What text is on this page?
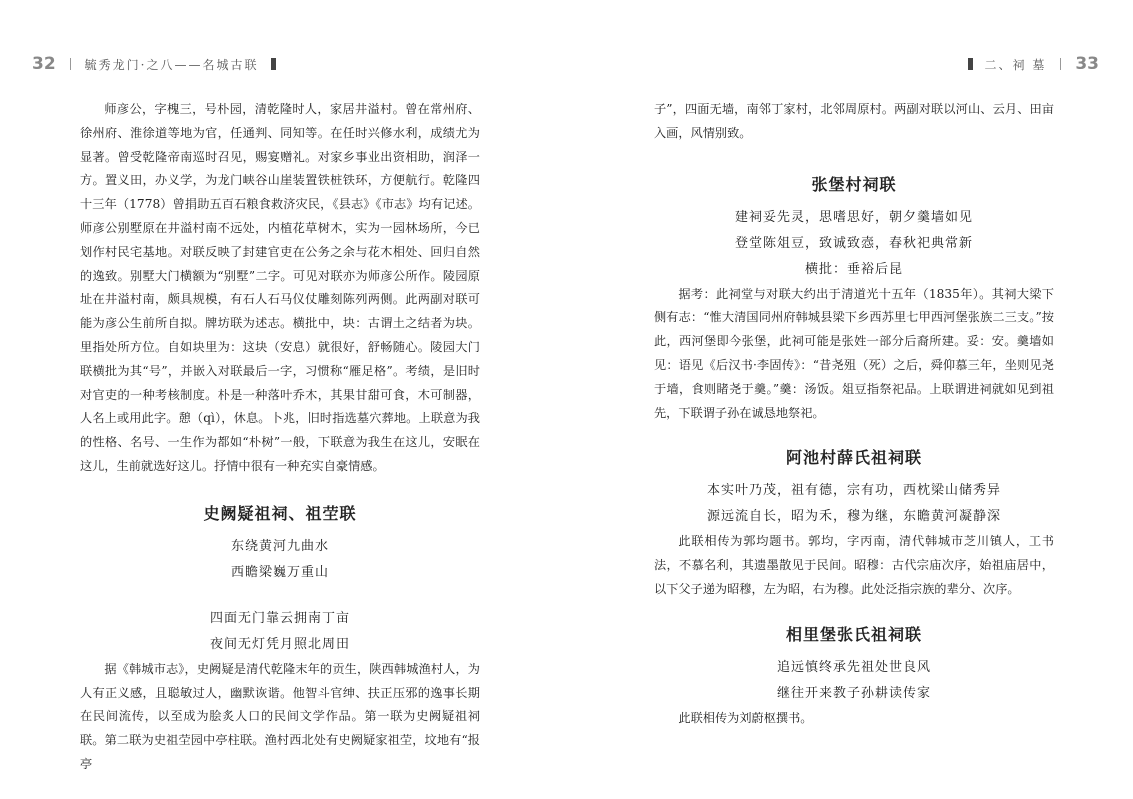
32 毓秀龙门·之八——名城古联	二、祠 墓 33

师彦公，字槐三，号朴园，清乾隆时人，家居井溢村。曾在常州府、徐州府、淮徐道等地为官，任通判、同知等。在任时兴修水利，成绩尤为显著。曾受乾隆帝南巡时召见，赐宴赠礼。对家乡事业出资相助，润泽一方。置义田，办义学，为龙门峡谷山崖装置铁桩铁环，方便航行。乾隆四十三年（1778）曾捐助五百石粮食救济灾民，《县志》《市志》均有记述。师彦公别墅原在井溢村南不远处，内植花草树木，实为一园林场所，今已划作村民宅基地。对联反映了封建官吏在公务之余与花木相处、回归自然的逸致。别墅大门横额为“别墅”二字。可见对联亦为师彦公所作。陵园原址在井溢村南，颇具规模，有石人石马仪仗雕刻陈列两侧。此两副对联可能为彦公生前所自拟。牌坊联为述志。横批中，块：古谓土之结者为块。里指处所方位。自如块里为：这块（安息）就很好，舒畅随心。陵园大门联横批为其“号”，并嵌入对联最后一字，习惯称“雁足格”。考绩，是旧时对官吏的一种考核制度。朴是一种落叶乔木，其果甘甜可食，木可制器，人名上或用此字。憩（qì），休息。卜兆，旧时指选墓穴葬地。上联意为我的性格、名号、一生作为都如“朴树”一般，下联意为我生在这儿，安眠在这儿，生前就选好这儿。抒情中很有一种充实自豪情感。

史阙疑祖祠、祖茔联
东绕黄河九曲水
西瞻梁巍万重山
四面无门靠云拥南丁亩
夜间无灯凭月照北周田

据《韩城市志》，史阙疑是清代乾隆末年的贡生，陕西韩城渔村人，为人有正义感，且聪敏过人，幽默诙谐。他智斗官绅、扶正压邪的逸事长期在民间流传，以至成为脍炙人口的民间文学作品。第一联为史阙疑祖祠联。第二联为史祖茔园中亭柱联。渔村西北处有史阙疑家祖茔，坟地有“报亭

子”，四面无墙，南邻丁家村，北邻周原村。两副对联以河山、云月、田亩入画，风情别致。

张堡村祠联
建祠妥先灵，思嗜思好，朝夕羹墙如见
登堂陈俎豆，致诚致悫，春秋祀典常新
横批：垂裕后昆

据考：此祠堂与对联大约出于清道光十五年（1835年）。其祠大梁下侧有志：“惟大清国同州府韩城县梁下乡西苏里七甲西河堡张族二三支。”按此，西河堡即今张堡，此祠可能是张姓一部分后裔所建。妥：安。羹墙如见：语见《后汉书·李固传》：“昔尧殂（死）之后，舜仰慕三年，坐则见尧于墙，食则睹尧于羹。”羹：汤饭。俎豆指祭祀品。上联谓进祠就如见到祖先，下联谓子孙在诚恳地祭祀。

阿池村薛氏祖祠联
本实叶乃茂，祖有德，宗有功，西枕梁山储秀异
源远流自长，昭为禾，穆为继，东瞻黄河凝静深

此联相传为郭均题书。郭均，字丙南，清代韩城市芝川镇人，工书法，不慕名利，其遗墨散见于民间。昭穆：古代宗庙次序，始祖庙居中，以下父子递为昭穆，左为昭，右为穆。此处泛指宗族的辈分、次序。

相里堡张氏祖祠联
追远慎终承先祖处世良风
继往开来教子孙耕读传家

此联相传为刘蔚枢撰书。
